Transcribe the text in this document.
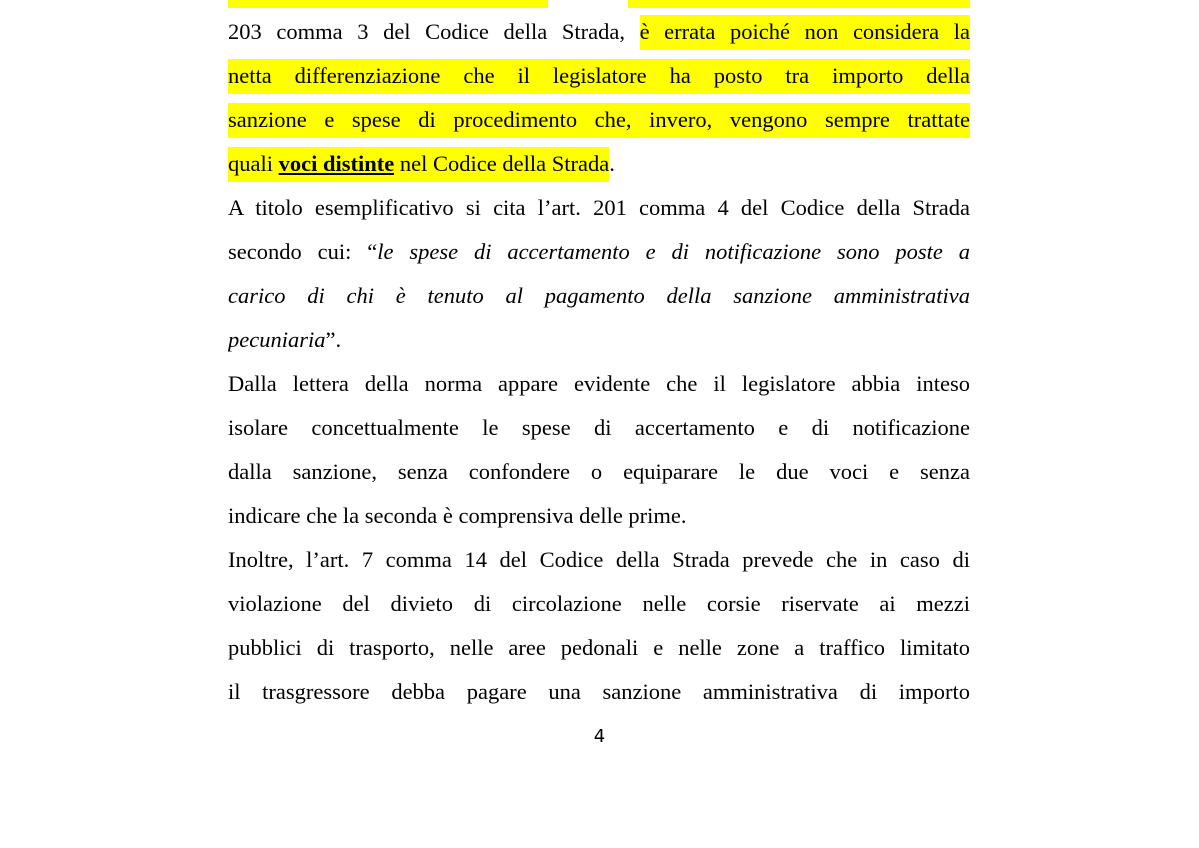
203 comma 3 del Codice della Strada, è errata poiché non considera la
netta differenziazione che il legislatore ha posto tra importo della
sanzione e spese di procedimento che, invero, vengono sempre trattate
quali voci distinte nel Codice della Strada.
A titolo esemplificativo si cita l’art. 201 comma 4 del Codice della Strada
secondo cui: “le spese di accertamento e di notificazione sono poste a
carico di chi è tenuto al pagamento della sanzione amministrativa
pecuniaria”.
Dalla lettera della norma appare evidente che il legislatore abbia inteso
isolare concettualmente le spese di accertamento e di notificazione
dalla sanzione, senza confondere o equiparare le due voci e senza
indicare che la seconda è comprensiva delle prime.
Inoltre, l’art. 7 comma 14 del Codice della Strada prevede che in caso di
violazione del divieto di circolazione nelle corsie riservate ai mezzi
pubblici di trasporto, nelle aree pedonali e nelle zone a traffico limitato
il trasgressore debba pagare una sanzione amministrativa di importo
4
